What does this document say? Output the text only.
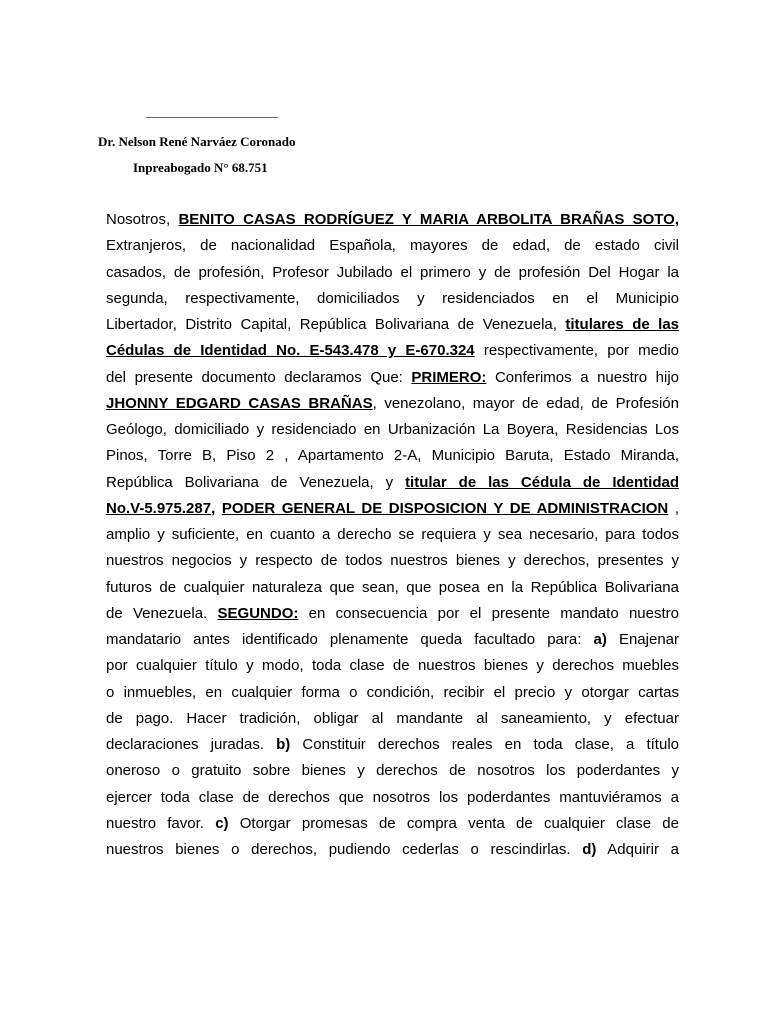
______________________
Dr. Nelson René Narváez Coronado
Inpreabogado N° 68.751
Nosotros, BENITO CASAS RODRÍGUEZ Y MARIA ARBOLITA BRAÑAS SOTO,
Extranjeros, de nacionalidad Española, mayores de edad, de estado civil
casados, de profesión, Profesor Jubilado el primero y de profesión Del Hogar la
segunda, respectivamente, domiciliados y residenciados en el Municipio
Libertador, Distrito Capital, República Bolivariana de Venezuela, titulares de las
Cédulas de Identidad No. E-543.478 y E-670.324 respectivamente, por medio
del presente documento declaramos Que: PRIMERO: Conferimos a nuestro hijo
JHONNY EDGARD CASAS BRAÑAS, venezolano, mayor de edad, de Profesión
Geólogo, domiciliado y residenciado en Urbanización La Boyera, Residencias Los
Pinos, Torre B, Piso 2 , Apartamento 2-A, Municipio Baruta, Estado Miranda,
República Bolivariana de Venezuela, y titular de las Cédula de Identidad
No.V-5.975.287, PODER GENERAL DE DISPOSICION Y DE ADMINISTRACION ,
amplio y suficiente, en cuanto a derecho se requiera y sea necesario, para todos
nuestros negocios y respecto de todos nuestros bienes y derechos, presentes y
futuros de cualquier naturaleza que sean, que posea en la República Bolivariana
de Venezuela. SEGUNDO: en consecuencia por el presente mandato nuestro
mandatario antes identificado plenamente queda facultado para: a) Enajenar
por cualquier título y modo, toda clase de nuestros bienes y derechos muebles
o inmuebles, en cualquier forma o condición, recibir el precio y otorgar cartas
de pago. Hacer tradición, obligar al mandante al saneamiento, y efectuar
declaraciones juradas. b) Constituir derechos reales en toda clase, a título
oneroso o gratuito sobre bienes y derechos de nosotros los poderdantes y
ejercer toda clase de derechos que nosotros los poderdantes mantuviéramos a
nuestro favor. c) Otorgar promesas de compra venta de cualquier clase de
nuestros bienes o derechos, pudiendo cederlas o rescindirlas. d) Adquirir a
